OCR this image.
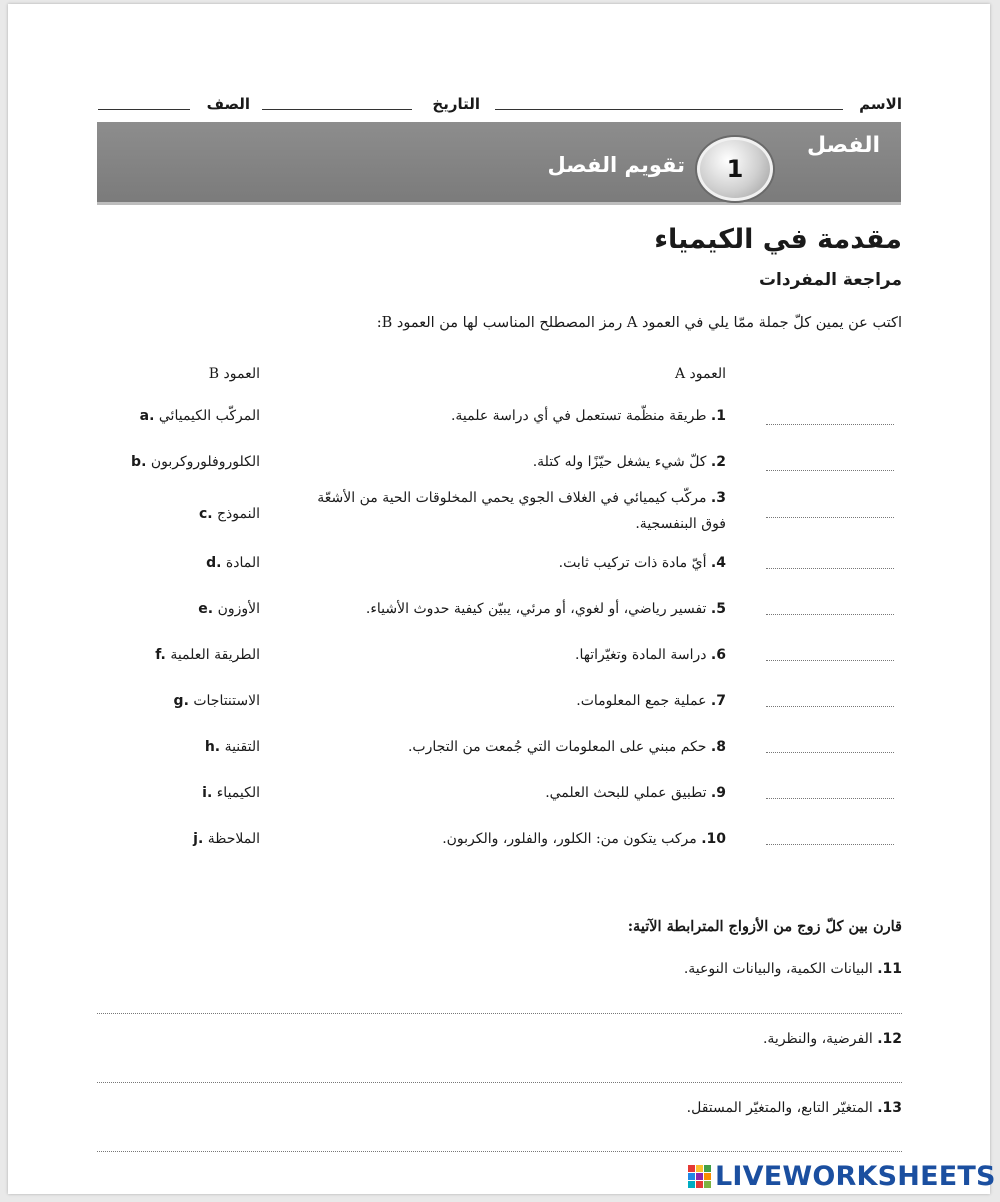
الاسم
التاريخ
الصف
الفصل
1
تقويم الفصل
مقدمة في الكيمياء
مراجعة المفردات
اكتب عن يمين كلّ جملة ممّا يلي في العمود A رمز المصطلح المناسب لها من العمود B:
العمود A
العمود B
1. طريقة منظّمة تستعمل في أي دراسة علمية.
2. كلّ شيء يشغل حيّزًا وله كتلة.
3. مركّب كيميائي في الغلاف الجوي يحمي المخلوقات الحية من الأشعّة
فوق البنفسجية.
4. أيّ مادة ذات تركيب ثابت.
5. تفسير رياضي، أو لغوي، أو مرئي، يبيّن كيفية حدوث الأشياء.
6. دراسة المادة وتغيّراتها.
7. عملية جمع المعلومات.
8. حكم مبني على المعلومات التي جُمعت من التجارب.
9. تطبيق عملي للبحث العلمي.
10. مركب يتكون من: الكلور، والفلور، والكربون.
a. المركّب الكيميائي
b. الكلوروفلوروكربون
c. النموذج
d. المادة
e. الأوزون
f. الطريقة العلمية
g. الاستنتاجات
h. التقنية
i. الكيمياء
j. الملاحظة
قارن بين كلّ زوج من الأزواج المترابطة الآتية:
11. البيانات الكمية، والبيانات النوعية.
12. الفرضية، والنظرية.
13. المتغيّر التابع، والمتغيّر المستقل.
LIVEWORKSHEETS
